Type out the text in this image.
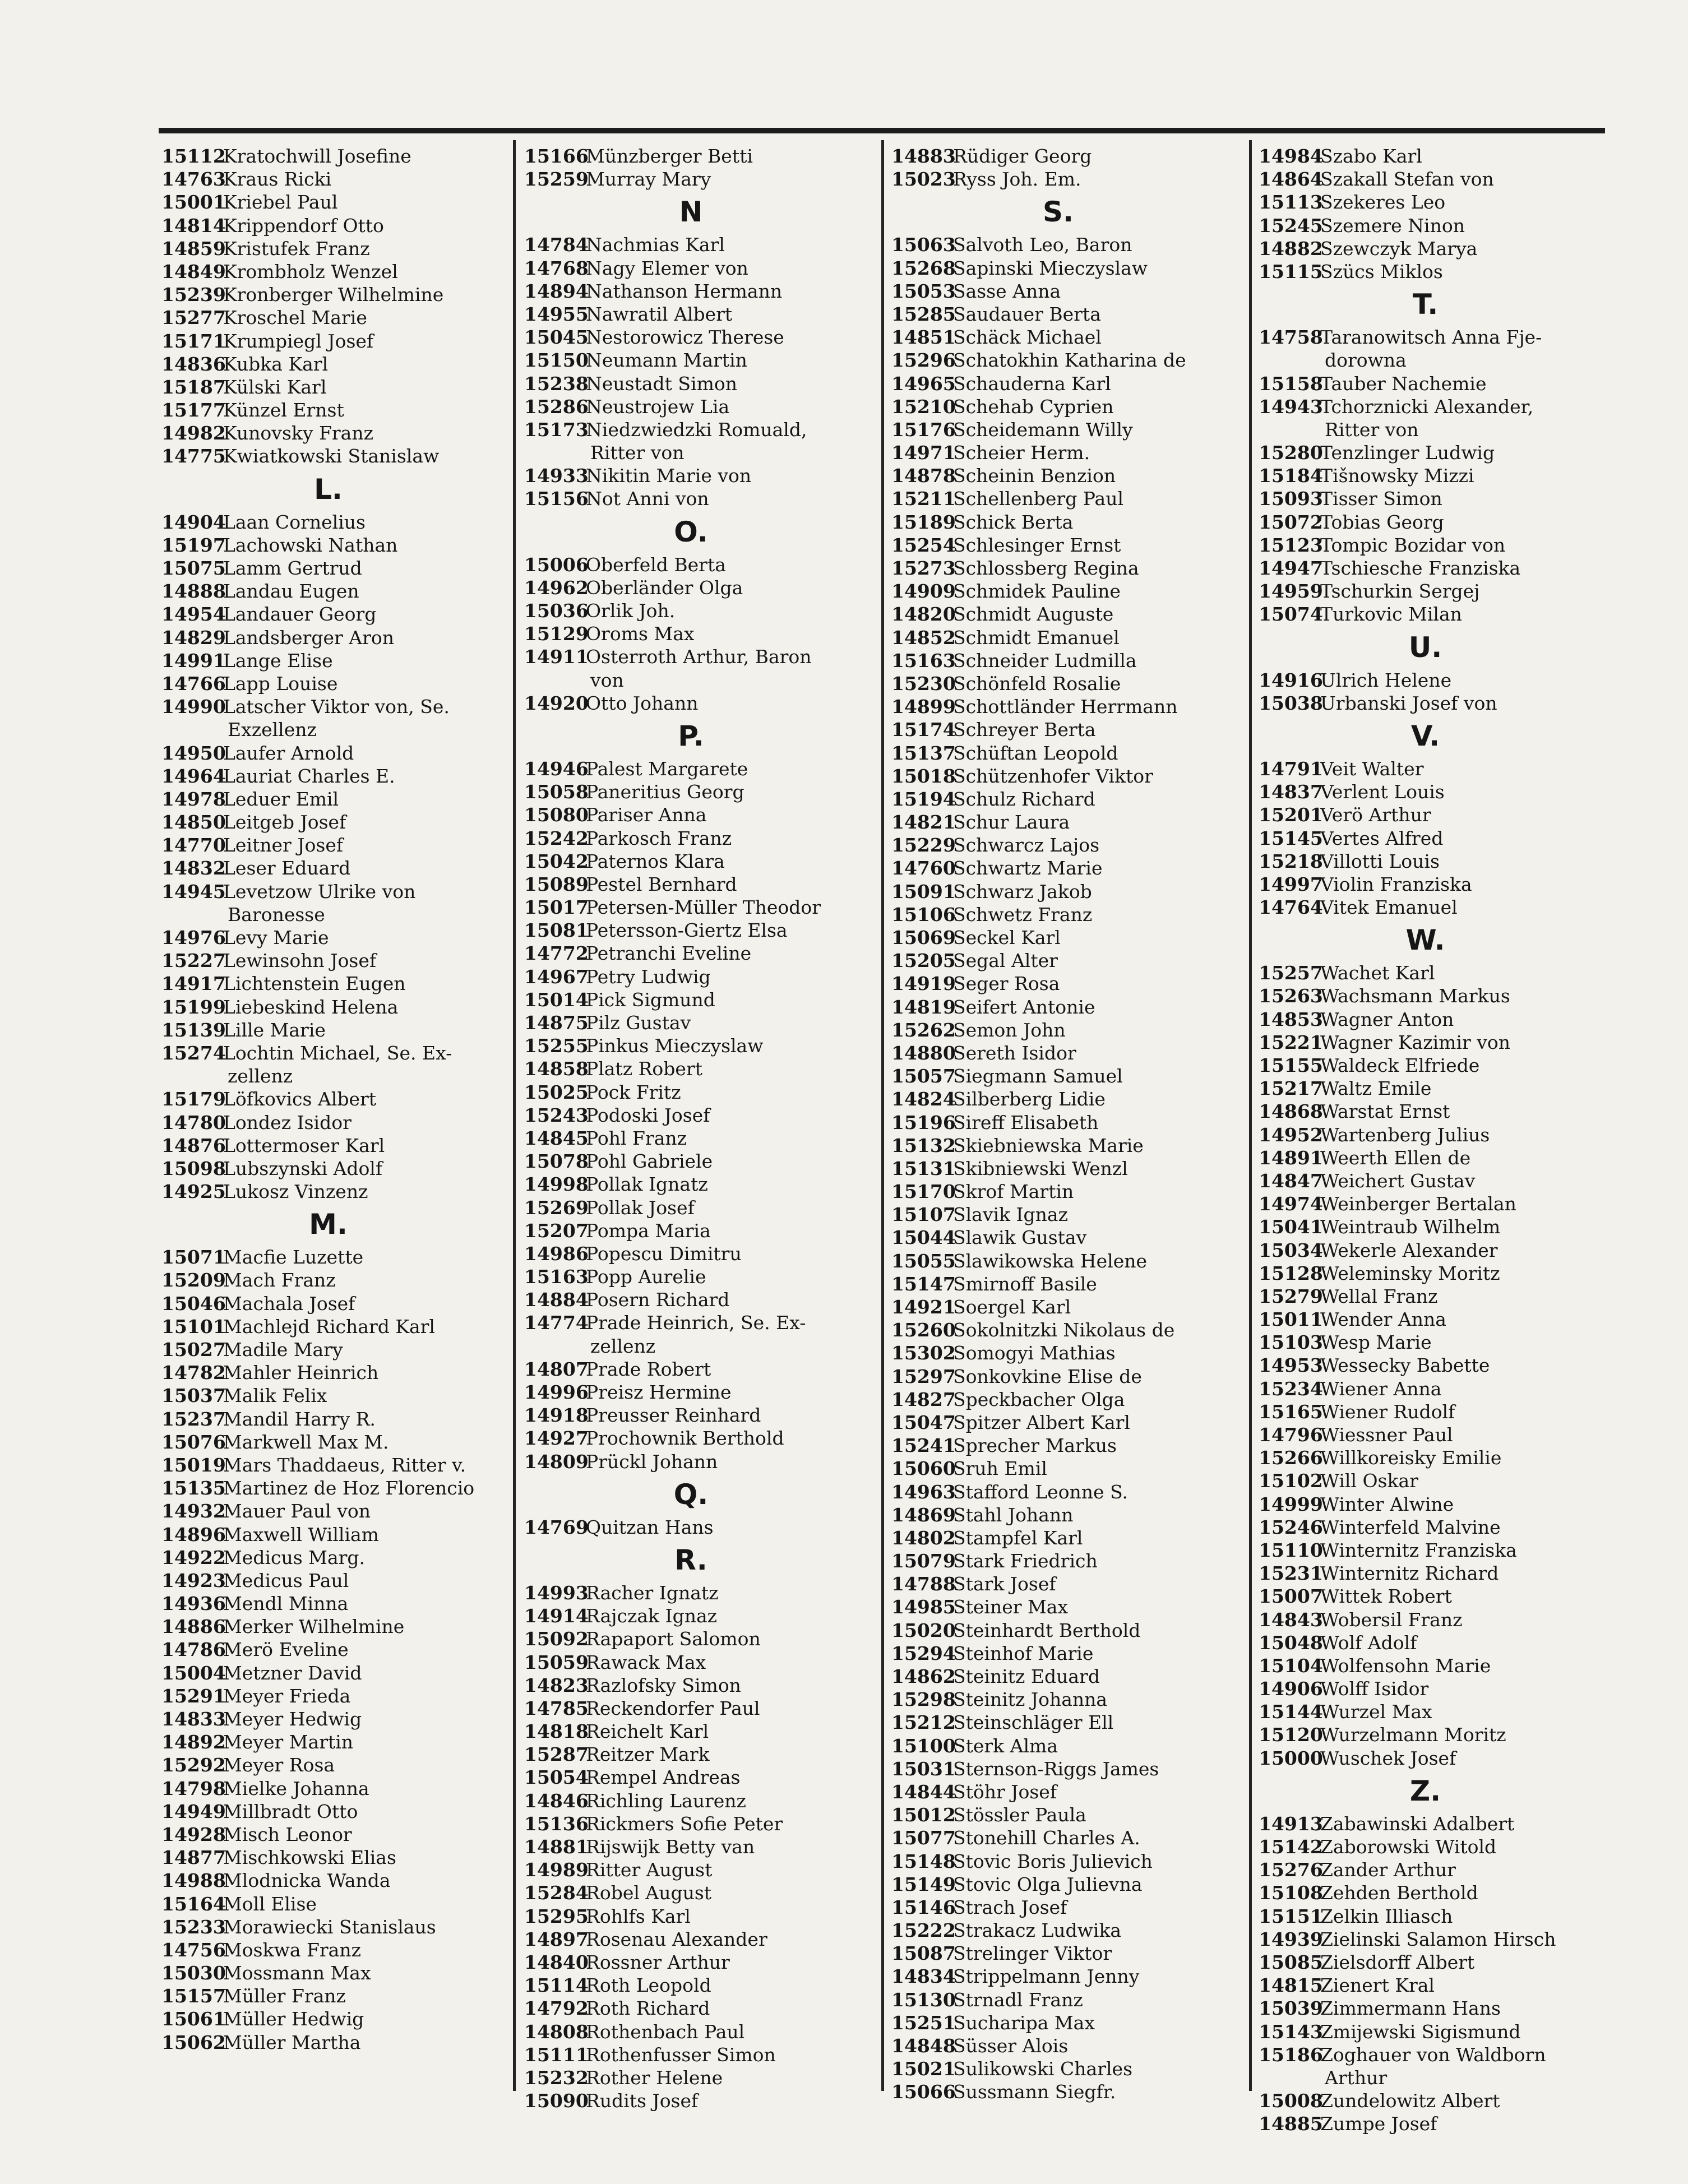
15112
Kratochwill Josefine
14763
Kraus Ricki
15001
Kriebel Paul
14814
Krippendorf Otto
14859
Kristufek Franz
14849
Krombholz Wenzel
15239
Kronberger Wilhelmine
15277
Kroschel Marie
15171
Krumpiegl Josef
14836
Kubka Karl
15187
Külski Karl
15177
Künzel Ernst
14982
Kunovsky Franz
14775
Kwiatkowski Stanislaw
L.
14904
Laan Cornelius
15197
Lachowski Nathan
15075
Lamm Gertrud
14888
Landau Eugen
14954
Landauer Georg
14829
Landsberger Aron
14991
Lange Elise
14766
Lapp Louise
14990
Latscher Viktor von, Se.
Exzellenz
14950
Laufer Arnold
14964
Lauriat Charles E.
14978
Leduer Emil
14850
Leitgeb Josef
14770
Leitner Josef
14832
Leser Eduard
14945
Levetzow Ulrike von
Baronesse
14976
Levy Marie
15227
Lewinsohn Josef
14917
Lichtenstein Eugen
15199
Liebeskind Helena
15139
Lille Marie
15274
Lochtin Michael, Se. Ex-
zellenz
15179
Löfkovics Albert
14780
Londez Isidor
14876
Lottermoser Karl
15098
Lubszynski Adolf
14925
Lukosz Vinzenz
M.
15071
Macfie Luzette
15209
Mach Franz
15046
Machala Josef
15101
Machlejd Richard Karl
15027
Madile Mary
14782
Mahler Heinrich
15037
Malik Felix
15237
Mandil Harry R.
15076
Markwell Max M.
15019
Mars Thaddaeus, Ritter v.
15135
Martinez de Hoz Florencio
14932
Mauer Paul von
14896
Maxwell William
14922
Medicus Marg.
14923
Medicus Paul
14936
Mendl Minna
14886
Merker Wilhelmine
14786
Merö Eveline
15004
Metzner David
15291
Meyer Frieda
14833
Meyer Hedwig
14892
Meyer Martin
15292
Meyer Rosa
14798
Mielke Johanna
14949
Millbradt Otto
14928
Misch Leonor
14877
Mischkowski Elias
14988
Mlodnicka Wanda
15164
Moll Elise
15233
Morawiecki Stanislaus
14756
Moskwa Franz
15030
Mossmann Max
15157
Müller Franz
15061
Müller Hedwig
15062
Müller Martha
15166
Münzberger Betti
15259
Murray Mary
N
14784
Nachmias Karl
14768
Nagy Elemer von
14894
Nathanson Hermann
14955
Nawratil Albert
15045
Nestorowicz Therese
15150
Neumann Martin
15238
Neustadt Simon
15286
Neustrojew Lia
15173
Niedzwiedzki Romuald,
Ritter von
14933
Nikitin Marie von
15156
Not Anni von
O.
15006
Oberfeld Berta
14962
Oberländer Olga
15036
Orlik Joh.
15129
Oroms Max
14911
Osterroth Arthur, Baron
von
14920
Otto Johann
P.
14946
Palest Margarete
15058
Paneritius Georg
15080
Pariser Anna
15242
Parkosch Franz
15042
Paternos Klara
15089
Pestel Bernhard
15017
Petersen-Müller Theodor
15081
Petersson-Giertz Elsa
14772
Petranchi Eveline
14967
Petry Ludwig
15014
Pick Sigmund
14875
Pilz Gustav
15255
Pinkus Mieczyslaw
14858
Platz Robert
15025
Pock Fritz
15243
Podoski Josef
14845
Pohl Franz
15078
Pohl Gabriele
14998
Pollak Ignatz
15269
Pollak Josef
15207
Pompa Maria
14986
Popescu Dimitru
15163
Popp Aurelie
14884
Posern Richard
14774
Prade Heinrich, Se. Ex-
zellenz
14807
Prade Robert
14996
Preisz Hermine
14918
Preusser Reinhard
14927
Prochownik Berthold
14809
Prückl Johann
Q.
14769
Quitzan Hans
R.
14993
Racher Ignatz
14914
Rajczak Ignaz
15092
Rapaport Salomon
15059
Rawack Max
14823
Razlofsky Simon
14785
Reckendorfer Paul
14818
Reichelt Karl
15287
Reitzer Mark
15054
Rempel Andreas
14846
Richling Laurenz
15136
Rickmers Sofie Peter
14881
Rijswijk Betty van
14989
Ritter August
15284
Robel August
15295
Rohlfs Karl
14897
Rosenau Alexander
14840
Rossner Arthur
15114
Roth Leopold
14792
Roth Richard
14808
Rothenbach Paul
15111
Rothenfusser Simon
15232
Rother Helene
15090
Rudits Josef
14883
Rüdiger Georg
15023
Ryss Joh. Em.
S.
15063
Salvoth Leo, Baron
15268
Sapinski Mieczyslaw
15053
Sasse Anna
15285
Saudauer Berta
14851
Schäck Michael
15296
Schatokhin Katharina de
14965
Schauderna Karl
15210
Schehab Cyprien
15176
Scheidemann Willy
14971
Scheier Herm.
14878
Scheinin Benzion
15211
Schellenberg Paul
15189
Schick Berta
15254
Schlesinger Ernst
15273
Schlossberg Regina
14909
Schmidek Pauline
14820
Schmidt Auguste
14852
Schmidt Emanuel
15163
Schneider Ludmilla
15230
Schönfeld Rosalie
14899
Schottländer Herrmann
15174
Schreyer Berta
15137
Schüftan Leopold
15018
Schützenhofer Viktor
15194
Schulz Richard
14821
Schur Laura
15229
Schwarcz Lajos
14760
Schwartz Marie
15091
Schwarz Jakob
15106
Schwetz Franz
15069
Seckel Karl
15205
Segal Alter
14919
Seger Rosa
14819
Seifert Antonie
15262
Semon John
14880
Sereth Isidor
15057
Siegmann Samuel
14824
Silberberg Lidie
15196
Sireff Elisabeth
15132
Skiebniewska Marie
15131
Skibniewski Wenzl
15170
Skrof Martin
15107
Slavik Ignaz
15044
Slawik Gustav
15055
Slawikowska Helene
15147
Smirnoff Basile
14921
Soergel Karl
15260
Sokolnitzki Nikolaus de
15302
Somogyi Mathias
15297
Sonkovkine Elise de
14827
Speckbacher Olga
15047
Spitzer Albert Karl
15241
Sprecher Markus
15060
Sruh Emil
14963
Stafford Leonne S.
14869
Stahl Johann
14802
Stampfel Karl
15079
Stark Friedrich
14788
Stark Josef
14985
Steiner Max
15020
Steinhardt Berthold
15294
Steinhof Marie
14862
Steinitz Eduard
15298
Steinitz Johanna
15212
Steinschläger Ell
15100
Sterk Alma
15031
Sternson-Riggs James
14844
Stöhr Josef
15012
Stössler Paula
15077
Stonehill Charles A.
15148
Stovic Boris Julievich
15149
Stovic Olga Julievna
15146
Strach Josef
15222
Strakacz Ludwika
15087
Strelinger Viktor
14834
Strippelmann Jenny
15130
Strnadl Franz
15251
Sucharipa Max
14848
Süsser Alois
15021
Sulikowski Charles
15066
Sussmann Siegfr.
14984
Szabo Karl
14864
Szakall Stefan von
15113
Szekeres Leo
15245
Szemere Ninon
14882
Szewczyk Marya
15115
Szücs Miklos
T.
14758
Taranowitsch Anna Fje-
dorowna
15158
Tauber Nachemie
14943
Tchorznicki Alexander,
Ritter von
15280
Tenzlinger Ludwig
15184
Tišnowsky Mizzi
15093
Tisser Simon
15072
Tobias Georg
15123
Tompic Bozidar von
14947
Tschiesche Franziska
14959
Tschurkin Sergej
15074
Turkovic Milan
U.
14916
Ulrich Helene
15038
Urbanski Josef von
V.
14791
Veit Walter
14837
Verlent Louis
15201
Verö Arthur
15145
Vertes Alfred
15218
Villotti Louis
14997
Violin Franziska
14764
Vitek Emanuel
W.
15257
Wachet Karl
15263
Wachsmann Markus
14853
Wagner Anton
15221
Wagner Kazimir von
15155
Waldeck Elfriede
15217
Waltz Emile
14868
Warstat Ernst
14952
Wartenberg Julius
14891
Weerth Ellen de
14847
Weichert Gustav
14974
Weinberger Bertalan
15041
Weintraub Wilhelm
15034
Wekerle Alexander
15128
Weleminsky Moritz
15279
Wellal Franz
15011
Wender Anna
15103
Wesp Marie
14953
Wessecky Babette
15234
Wiener Anna
15165
Wiener Rudolf
14796
Wiessner Paul
15266
Willkoreisky Emilie
15102
Will Oskar
14999
Winter Alwine
15246
Winterfeld Malvine
15110
Winternitz Franziska
15231
Winternitz Richard
15007
Wittek Robert
14843
Wobersil Franz
15048
Wolf Adolf
15104
Wolfensohn Marie
14906
Wolff Isidor
15144
Wurzel Max
15120
Wurzelmann Moritz
15000
Wuschek Josef
Z.
14913
Zabawinski Adalbert
15142
Zaborowski Witold
15276
Zander Arthur
15108
Zehden Berthold
15151
Zelkin Illiasch
14939
Zielinski Salamon Hirsch
15085
Zielsdorff Albert
14815
Zienert Kral
15039
Zimmermann Hans
15143
Zmijewski Sigismund
15186
Zoghauer von Waldborn
Arthur
15008
Zundelowitz Albert
14885
Zumpe Josef
